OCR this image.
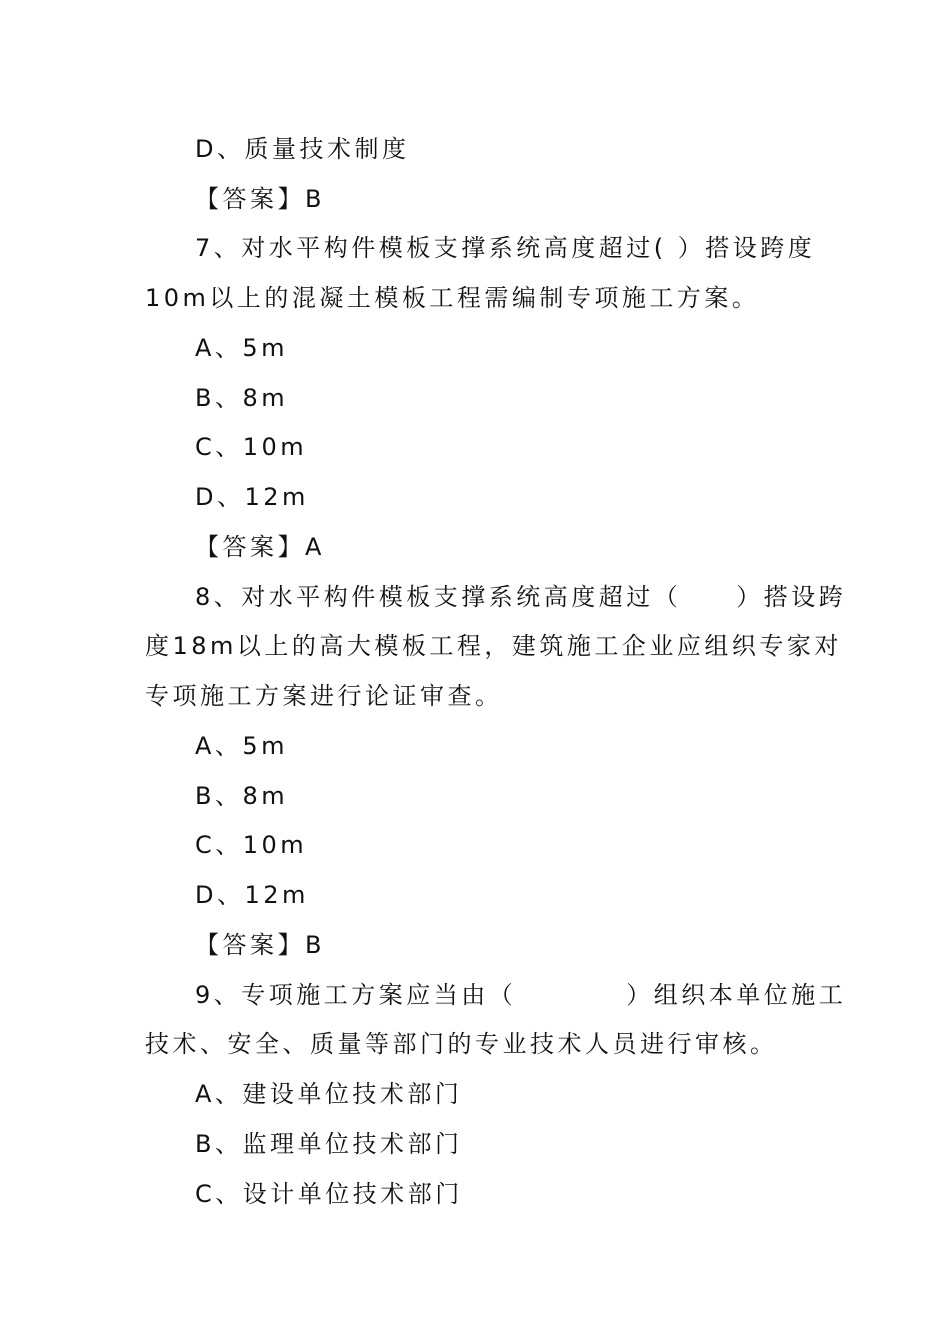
D、质量技术制度
【答案】B
7、对水平构件模板支撑系统高度超过( ）搭设跨度
10m以上的混凝土模板工程需编制专项施工方案。
A、5m
B、8m
C、10m
D、12m
【答案】A
8、对水平构件模板支撑系统高度超过（　　）搭设跨
度18m以上的高大模板工程，建筑施工企业应组织专家对
专项施工方案进行论证审查。
A、5m
B、8m
C、10m
D、12m
【答案】B
9、专项施工方案应当由（　　　　）组织本单位施工
技术、安全、质量等部门的专业技术人员进行审核。
A、建设单位技术部门
B、监理单位技术部门
C、设计单位技术部门
